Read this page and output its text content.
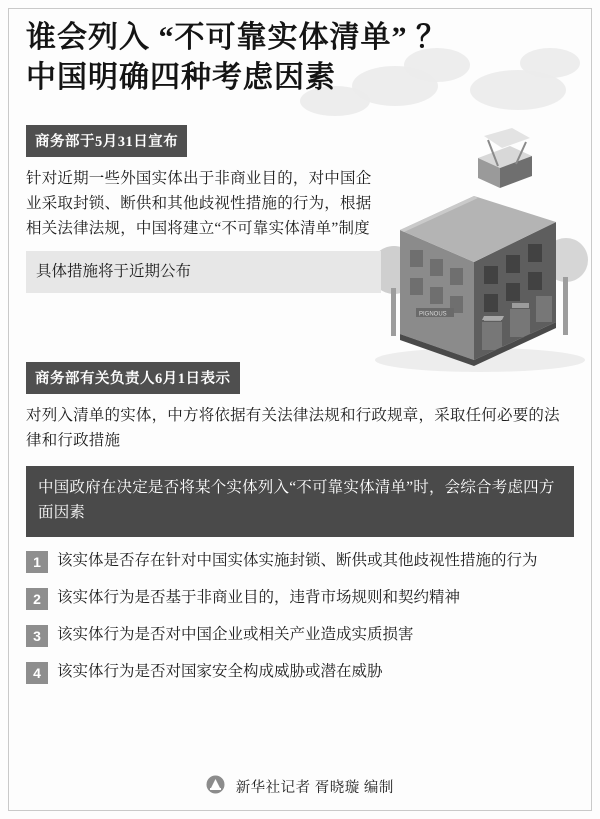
谁会列入 “不可靠实体清单” ？
中国明确四种考虑因素
PIGNOUS
商务部于5月31日宣布
针对近期一些外国实体出于非商业目的，对中国企业采取封锁、断供和其他歧视性措施的行为，根据相关法律法规，中国将建立“不可靠实体清单”制度
具体措施将于近期公布
商务部有关负责人6月1日表示
对列入清单的实体，中方将依据有关法律法规和行政规章，采取任何必要的法律和行政措施
中国政府在决定是否将某个实体列入“不可靠实体清单”时，会综合考虑四方面因素
1	该实体是否存在针对中国实体实施封锁、断供或其他歧视性措施的行为
2	该实体行为是否基于非商业目的，违背市场规则和契约精神
3	该实体行为是否对中国企业或相关产业造成实质损害
4	该实体行为是否对国家安全构成威胁或潜在威胁
新华社记者 胥晓璇 编制
